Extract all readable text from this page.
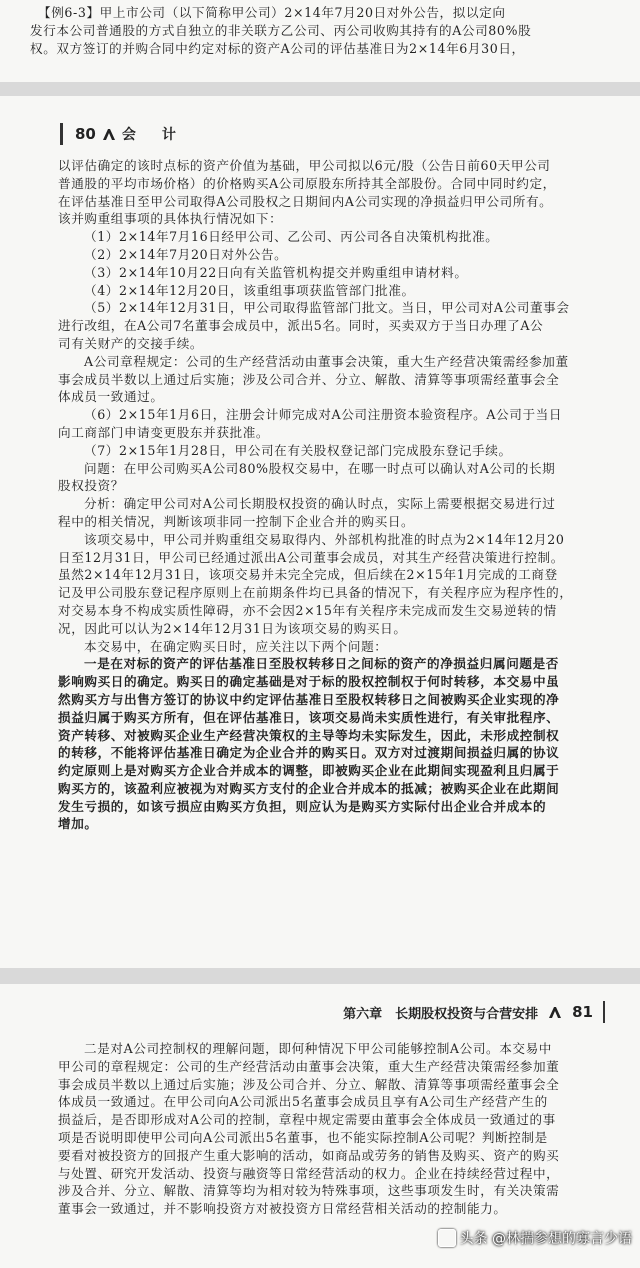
【例6-3】甲上市公司（以下简称甲公司）2×14年7月20日对外公告，拟以定向

发行本公司普通股的方式自独立的非关联方乙公司、丙公司收购其持有的A公司80%股

权。双方签订的并购合同中约定对标的资产A公司的评估基准日为2×14年6月30日，

80 会　计

以评估确定的该时点标的资产价值为基础，甲公司拟以6元/股（公告日前60天甲公司

普通股的平均市场价格）的价格购买A公司原股东所持其全部股份。合同中同时约定，

在评估基准日至甲公司取得A公司股权之日期间内A公司实现的净损益归甲公司所有。

该并购重组事项的具体执行情况如下：

（1）2×14年7月16日经甲公司、乙公司、丙公司各自决策机构批准。

（2）2×14年7月20日对外公告。

（3）2×14年10月22日向有关监管机构提交并购重组申请材料。

（4）2×14年12月20日，该重组事项获监管部门批准。

（5）2×14年12月31日，甲公司取得监管部门批文。当日，甲公司对A公司董事会

进行改组，在A公司7名董事会成员中，派出5名。同时，买卖双方于当日办理了A公

司有关财产的交接手续。

A公司章程规定：公司的生产经营活动由董事会决策，重大生产经营决策需经参加董

事会成员半数以上通过后实施；涉及公司合并、分立、解散、清算等事项需经董事会全

体成员一致通过。

（6）2×15年1月6日，注册会计师完成对A公司注册资本验资程序。A公司于当日

向工商部门申请变更股东并获批准。

（7）2×15年1月28日，甲公司在有关股权登记部门完成股东登记手续。

问题：在甲公司购买A公司80%股权交易中，在哪一时点可以确认对A公司的长期

股权投资？

分析：确定甲公司对A公司长期股权投资的确认时点，实际上需要根据交易进行过

程中的相关情况，判断该项非同一控制下企业合并的购买日。

该项交易中，甲公司并购重组交易取得内、外部机构批准的时点为2×14年12月20

日至12月31日，甲公司已经通过派出A公司董事会成员，对其生产经营决策进行控制。

虽然2×14年12月31日，该项交易并未完全完成，但后续在2×15年1月完成的工商登

记及甲公司股东登记程序原则上在前期条件均已具备的情况下，有关程序应为程序性的，

对交易本身不构成实质性障碍，亦不会因2×15年有关程序未完成而发生交易逆转的情

况，因此可以认为2×14年12月31日为该项交易的购买日。

本交易中，在确定购买日时，应关注以下两个问题：

一是在对标的资产的评估基准日至股权转移日之间标的资产的净损益归属问题是否

影响购买日的确定。购买日的确定基础是对于标的股权控制权于何时转移，本交易中虽

然购买方与出售方签订的协议中约定评估基准日至股权转移日之间被购买企业实现的净

损益归属于购买方所有，但在评估基准日，该项交易尚未实质性进行，有关审批程序、

资产转移、对被购买企业生产经营决策权的主导等均未实际发生，因此，未形成控制权

的转移，不能将评估基准日确定为企业合并的购买日。双方对过渡期间损益归属的协议

约定原则上是对购买方企业合并成本的调整，即被购买企业在此期间实现盈利且归属于

购买方的，该盈利应被视为对购买方支付的企业合并成本的抵减；被购买企业在此期间

发生亏损的，如该亏损应由购买方负担，则应认为是购买方实际付出企业合并成本的

增加。

第六章　长期股权投资与合营安排 81

二是对A公司控制权的理解问题，即何种情况下甲公司能够控制A公司。本交易中

甲公司的章程规定：公司的生产经营活动由董事会决策，重大生产经营决策需经参加董

事会成员半数以上通过后实施；涉及公司合并、分立、解散、清算等事项需经董事会全

体成员一致通过。在甲公司向A公司派出5名董事会成员且享有A公司生产经营产生的

损益后，是否即形成对A公司的控制，章程中规定需要由董事会全体成员一致通过的事

项是否说明即使甲公司向A公司派出5名董事，也不能实际控制A公司呢？判断控制是

要看对被投资方的回报产生重大影响的活动，如商品或劳务的销售及购买、资产的购买

与处置、研究开发活动、投资与融资等日常经营活动的权力。企业在持续经营过程中，

涉及合并、分立、解散、清算等均为相对较为特殊事项，这些事项发生时，有关决策需

董事会一致通过，并不影响投资方对被投资方日常经营相关活动的控制能力。

头条 @林揣参想的寡言少语
